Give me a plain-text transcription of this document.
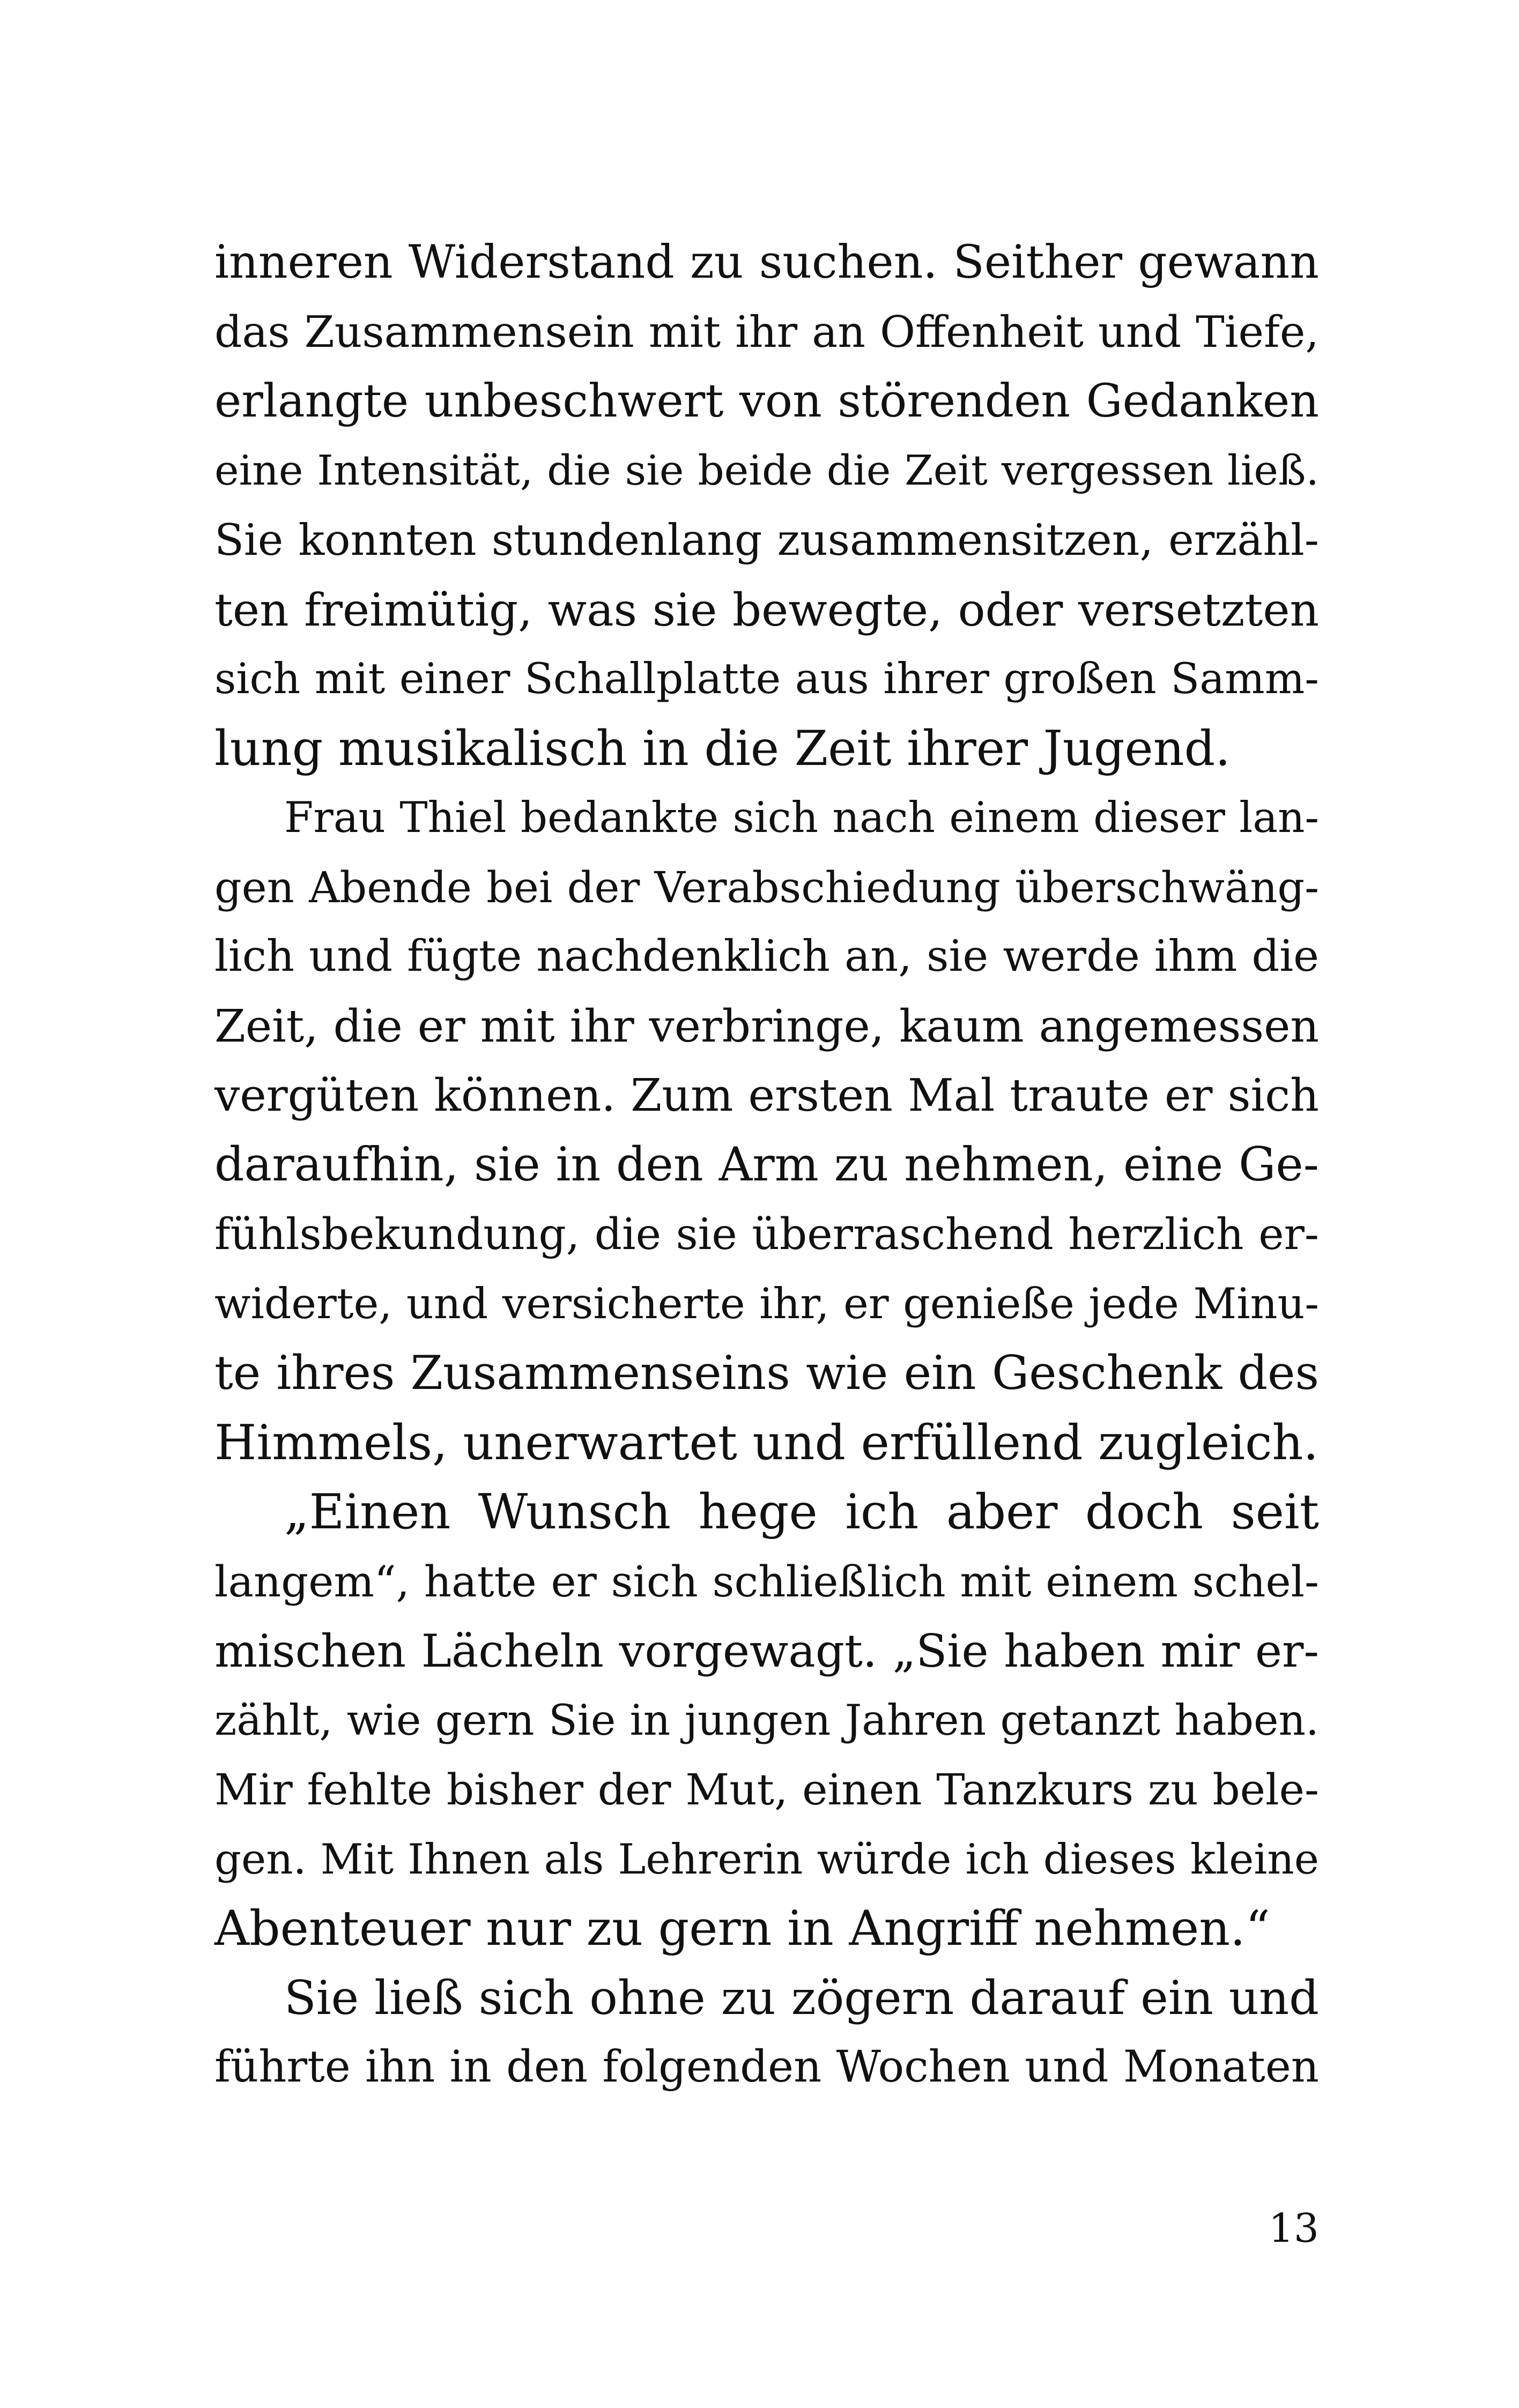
inneren Widerstand zu suchen. Seither gewann
das Zusammensein mit ihr an Offenheit und Tiefe,
erlangte unbeschwert von störenden Gedanken
eine Intensität, die sie beide die Zeit vergessen ließ.
Sie konnten stundenlang zusammensitzen, erzähl-
ten freimütig, was sie bewegte, oder versetzten
sich mit einer Schallplatte aus ihrer großen Samm-
lung musikalisch in die Zeit ihrer Jugend.
Frau Thiel bedankte sich nach einem dieser lan-
gen Abende bei der Verabschiedung überschwäng-
lich und fügte nachdenklich an, sie werde ihm die
Zeit, die er mit ihr verbringe, kaum angemessen
vergüten können. Zum ersten Mal traute er sich
daraufhin, sie in den Arm zu nehmen, eine Ge-
fühlsbekundung, die sie überraschend herzlich er-
widerte, und versicherte ihr, er genieße jede Minu-
te ihres Zusammenseins wie ein Geschenk des
Himmels, unerwartet und erfüllend zugleich.
„Einen Wunsch hege ich aber doch seit
langem“, hatte er sich schließlich mit einem schel-
mischen Lächeln vorgewagt. „Sie haben mir er-
zählt, wie gern Sie in jungen Jahren getanzt haben.
Mir fehlte bisher der Mut, einen Tanzkurs zu bele-
gen. Mit Ihnen als Lehrerin würde ich dieses kleine
Abenteuer nur zu gern in Angriff nehmen.“
Sie ließ sich ohne zu zögern darauf ein und
führte ihn in den folgenden Wochen und Monaten
13
